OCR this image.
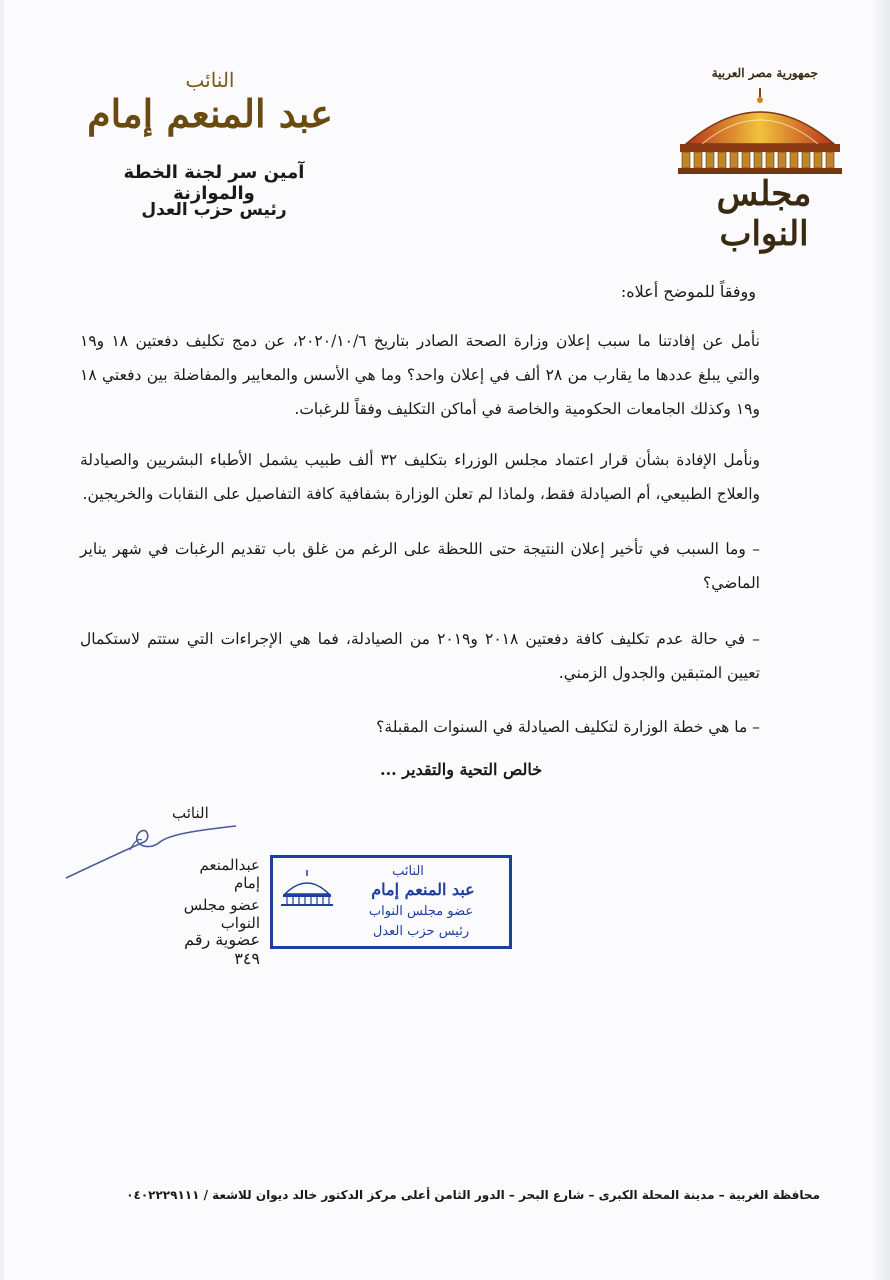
النائب
عبد المنعم إمام
آمين سر لجنة الخطة والموازنة
رئيس حزب العدل
جمهورية مصر العربية
مجلس النواب
ووفقاً للموضح أعلاه:
نأمل عن إفادتنا ما سبب إعلان وزارة الصحة الصادر بتاريخ ٢٠٢٠/١٠/٦، عن دمج تكليف دفعتين ١٨ و١٩ والتي يبلغ عددها ما يقارب من ٢٨ ألف في إعلان واحد؟ وما هي الأسس والمعايير والمفاضلة بين دفعتي ١٨ و١٩ وكذلك الجامعات الحكومية والخاصة في أماكن التكليف وفقاً للرغبات.
ونأمل الإفادة بشأن قرار اعتماد مجلس الوزراء بتكليف ٣٢ ألف طبيب يشمل الأطباء البشريين والصيادلة والعلاج الطبيعي، أم الصيادلة فقط، ولماذا لم تعلن الوزارة بشفافية كافة التفاصيل على النقابات والخريجين.
– وما السبب في تأخير إعلان النتيجة حتى اللحظة على الرغم من غلق باب تقديم الرغبات في شهر يناير الماضي؟
– في حالة عدم تكليف كافة دفعتين ٢٠١٨ و٢٠١٩ من الصيادلة، فما هي الإجراءات التي ستتم لاستكمال تعيين المتبقين والجدول الزمني.
– ما هي خطة الوزارة لتكليف الصيادلة في السنوات المقبلة؟
خالص التحية والتقدير ...
النائب
عبدالمنعم إمام
عضو مجلس النواب
عضوية رقم ٣٤٩
النائب
عبد المنعم إمام
عضو مجلس النواب
رئيس حزب العدل
محافظة الغربية – مدينة المحلة الكبرى – شارع البحر – الدور الثامن أعلى مركز الدكتور خالد ديوان للاشعة / ٠٤٠٢٢٢٩١١١
